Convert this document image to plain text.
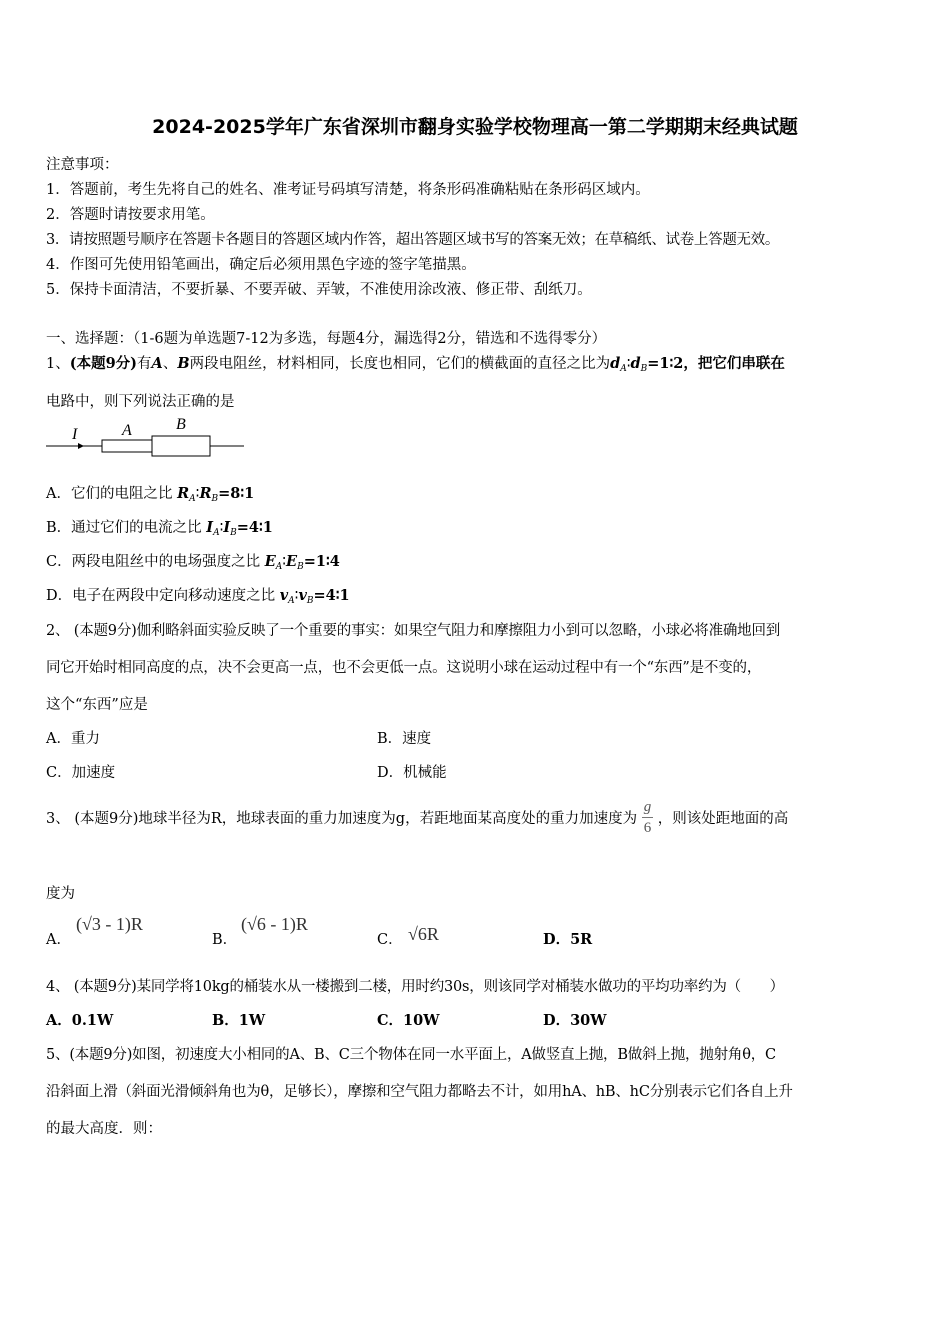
2024-2025学年广东省深圳市翻身实验学校物理高一第二学期期末经典试题
注意事项：
1．答题前，考生先将自己的姓名、准考证号码填写清楚，将条形码准确粘贴在条形码区域内。
2．答题时请按要求用笔。
3．请按照题号顺序在答题卡各题目的答题区域内作答，超出答题区域书写的答案无效；在草稿纸、试卷上答题无效。
4．作图可先使用铅笔画出，确定后必须用黑色字迹的签字笔描黑。
5．保持卡面清洁，不要折暴、不要弄破、弄皱，不准使用涂改液、修正带、刮纸刀。
一、选择题：（1-6题为单选题7-12为多选，每题4分，漏选得2分，错选和不选得零分）
1、(本题9分)有A、B两段电阻丝，材料相同，长度也相同，它们的横截面的直径之比为$d_A∶d_B=1∶2$，把它们串联在
电路中，则下列说法正确的是
I	A	B
A．它们的电阻之比 $R_A∶R_B=8∶1$
B．通过它们的电流之比 $I_A∶I_B=4∶1$
C．两段电阻丝中的电场强度之比 $E_A∶E_B=1∶4$
D．电子在两段中定向移动速度之比 $v_A∶v_B=4∶1$
2、 (本题9分)伽利略斜面实验反映了一个重要的事实：如果空气阻力和摩擦阻力小到可以忽略，小球必将准确地回到
同它开始时相同高度的点，决不会更高一点，也不会更低一点。这说明小球在运动过程中有一个“东西”是不变的，
这个“东西”应是
A．重力	B．速度
C．加速度	D．机械能
3、 (本题9分)地球半径为R，地球表面的重力加速度为g，若距地面某高度处的重力加速度为 $\frac{g}{6}$ ，则该处距地面的高
度为
A．
(√3 - 1)R
B．
(√6 - 1)R
C． √6R	D．5R
4、 (本题9分)某同学将10kg的桶装水从一楼搬到二楼，用时约30s，则该同学对桶装水做功的平均功率约为（　　）
A．0.1W	B．1W	C．10W	D．30W
5、(本题9分)如图，初速度大小相同的A、B、C三个物体在同一水平面上，A做竖直上抛，B做斜上抛，抛射角θ，C
沿斜面上滑（斜面光滑倾斜角也为θ，足够长），摩擦和空气阻力都略去不计，如用hA、hB、hC分别表示它们各自上升
的最大高度．则：
